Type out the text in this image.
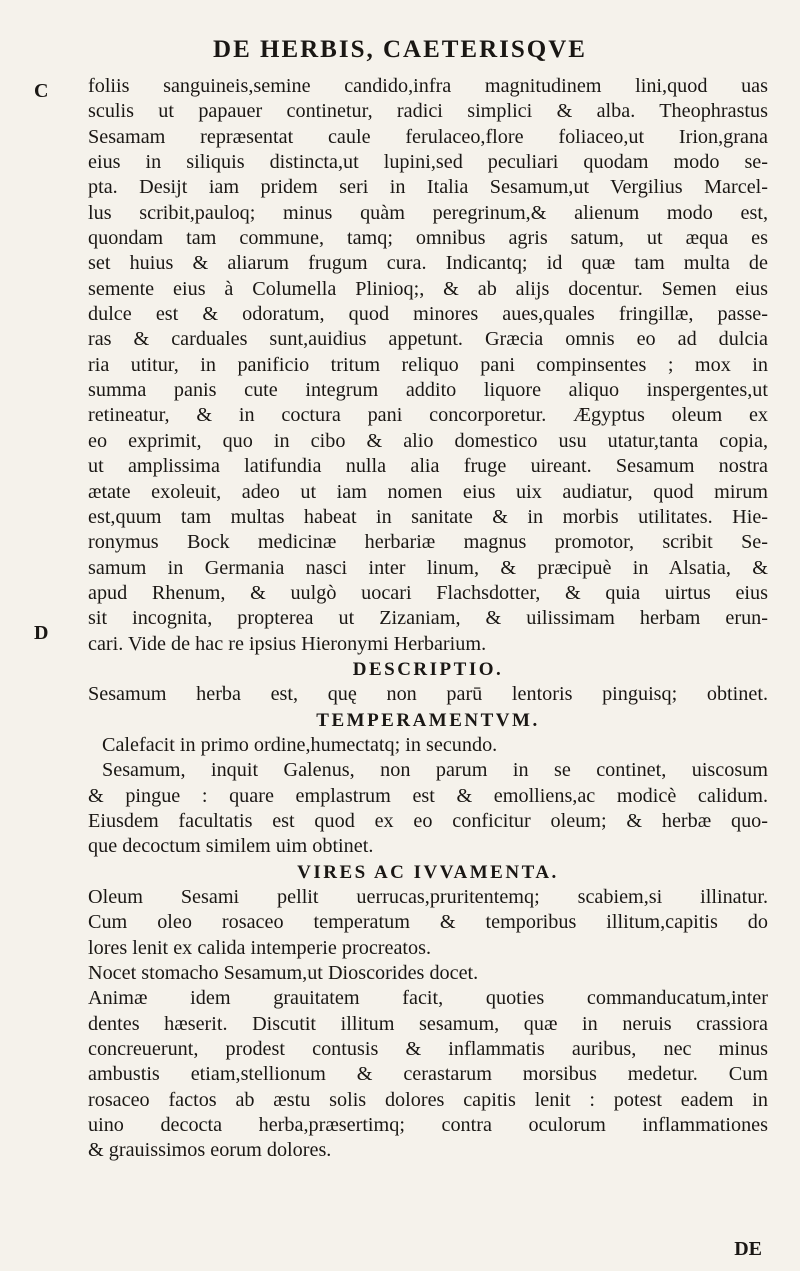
DE HERBIS, CAETERISQVE
C
D
foliis sanguineis,semine candido,infra magnitudinem lini,quod uas
sculis ut papauer continetur, radici simplici & alba. Theophrastus
Sesamam repræsentat caule ferulaceo,flore foliaceo,ut Irion,grana
eius in siliquis distincta,ut lupini,sed peculiari quodam modo se-
pta. Desijt iam pridem seri in Italia Sesamum,ut Vergilius Marcel-
lus scribit,pauloq; minus quàm peregrinum,& alienum modo est,
quondam tam commune, tamq; omnibus agris satum, ut æqua es
set huius & aliarum frugum cura. Indicantq; id quæ tam multa de
semente eius à Columella Plinioq;, & ab alijs docentur. Semen eius
dulce est & odoratum, quod minores aues,quales fringillæ, passe-
ras & carduales sunt,auidius appetunt. Græcia omnis eo ad dulcia
ria utitur, in panificio tritum reliquo pani compinsentes ; mox in
summa panis cute integrum addito liquore aliquo inspergentes,ut
retineatur, & in coctura pani concorporetur. Ægyptus oleum ex
eo exprimit, quo in cibo & alio domestico usu utatur,tanta copia,
ut amplissima latifundia nulla alia fruge uireant. Sesamum nostra
ætate exoleuit, adeo ut iam nomen eius uix audiatur, quod mirum
est,quum tam multas habeat in sanitate & in morbis utilitates. Hie-
ronymus Bock medicinæ herbariæ magnus promotor, scribit Se-
samum in Germania nasci inter linum, & præcipuè in Alsatia, &
apud Rhenum, & uulgò uocari Flachsdotter, & quia uirtus eius
sit incognita, propterea ut Zizaniam, & uilissimam herbam erun-
cari. Vide de hac re ipsius Hieronymi Herbarium.
DESCRIPTIO.
Sesamum herba est, quę non parū lentoris pinguisq; obtinet.
TEMPERAMENTVM.
Calefacit in primo ordine,humectatq; in secundo.
Sesamum, inquit Galenus, non parum in se continet, uiscosum
& pingue : quare emplastrum est & emolliens,ac modicè calidum.
Eiusdem facultatis est quod ex eo conficitur oleum; & herbæ quo-
que decoctum similem uim obtinet.
VIRES AC IVVAMENTA.
Oleum Sesami pellit uerrucas,pruritentemq; scabiem,si illinatur.
Cum oleo rosaceo temperatum & temporibus illitum,capitis do
lores lenit ex calida intemperie procreatos.
Nocet stomacho Sesamum,ut Dioscorides docet.
Animæ idem grauitatem facit, quoties commanducatum,inter
dentes hæserit. Discutit illitum sesamum, quæ in neruis crassiora
concreuerunt, prodest contusis & inflammatis auribus, nec minus
ambustis etiam,stellionum & cerastarum morsibus medetur. Cum
rosaceo factos ab æstu solis dolores capitis lenit : potest eadem in
uino decocta herba,præsertimq; contra oculorum inflammationes
& grauissimos eorum dolores.
DE
